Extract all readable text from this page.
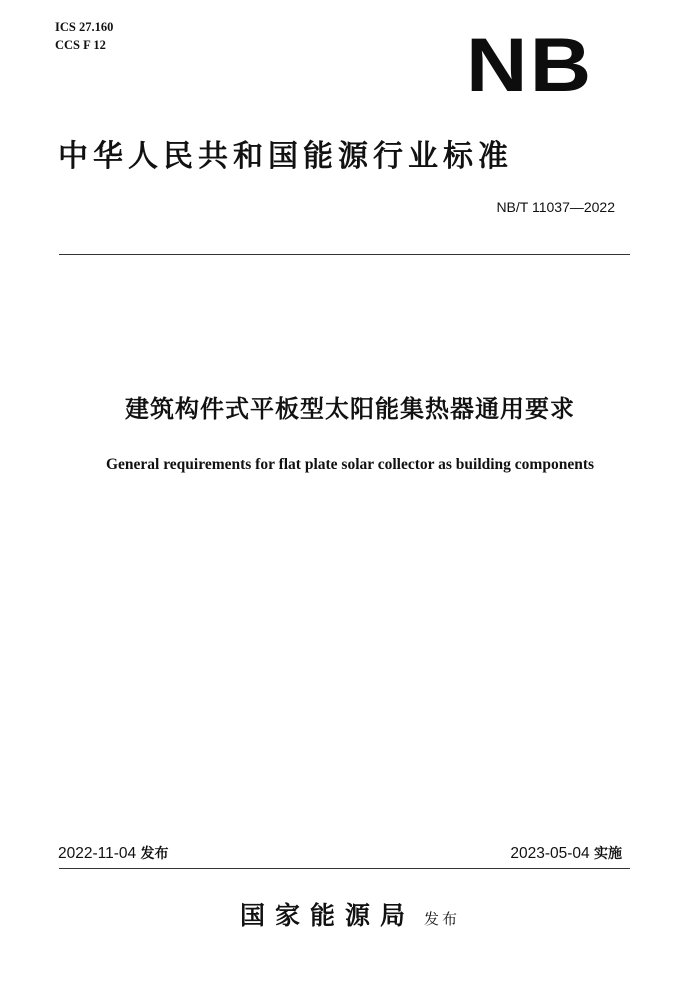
ICS 27.160
CCS F 12	NB
中华人民共和国能源行业标准
NB/T 11037—2022
建筑构件式平板型太阳能集热器通用要求
General requirements for flat plate solar collector as building components
2022-11-04 发布	2023-05-04 实施
国家能源局 发布
